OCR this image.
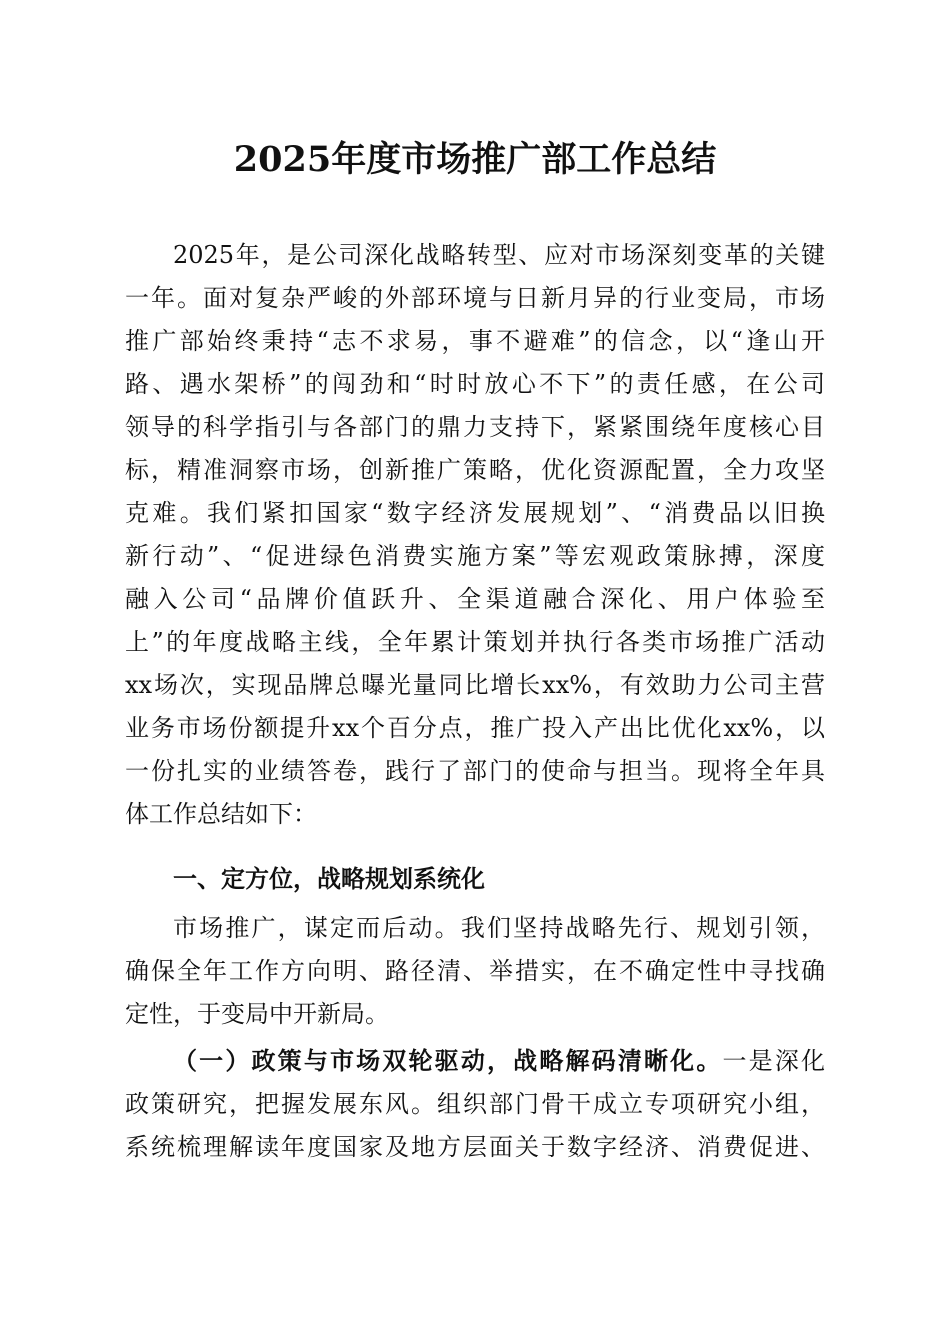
2025年度市场推广部工作总结
2025年，是公司深化战略转型、应对市场深刻变革的关键
一年。面对复杂严峻的外部环境与日新月异的行业变局，市场
推广部始终秉持“志不求易，事不避难”的信念，以“逢山开
路、遇水架桥”的闯劲和“时时放心不下”的责任感，在公司
领导的科学指引与各部门的鼎力支持下，紧紧围绕年度核心目
标，精准洞察市场，创新推广策略，优化资源配置，全力攻坚
克难。我们紧扣国家“数字经济发展规划”、“消费品以旧换
新行动”、“促进绿色消费实施方案”等宏观政策脉搏，深度
融入公司“品牌价值跃升、全渠道融合深化、用户体验至
上”的年度战略主线，全年累计策划并执行各类市场推广活动
xx场次，实现品牌总曝光量同比增长xx%，有效助力公司主营
业务市场份额提升xx个百分点，推广投入产出比优化xx%，以
一份扎实的业绩答卷，践行了部门的使命与担当。现将全年具
体工作总结如下：
一、定方位，战略规划系统化
市场推广，谋定而后动。我们坚持战略先行、规划引领，
确保全年工作方向明、路径清、举措实，在不确定性中寻找确
定性，于变局中开新局。
（一）政策与市场双轮驱动，战略解码清晰化。一是深化
政策研究，把握发展东风。组织部门骨干成立专项研究小组，
系统梳理解读年度国家及地方层面关于数字经济、消费促进、
